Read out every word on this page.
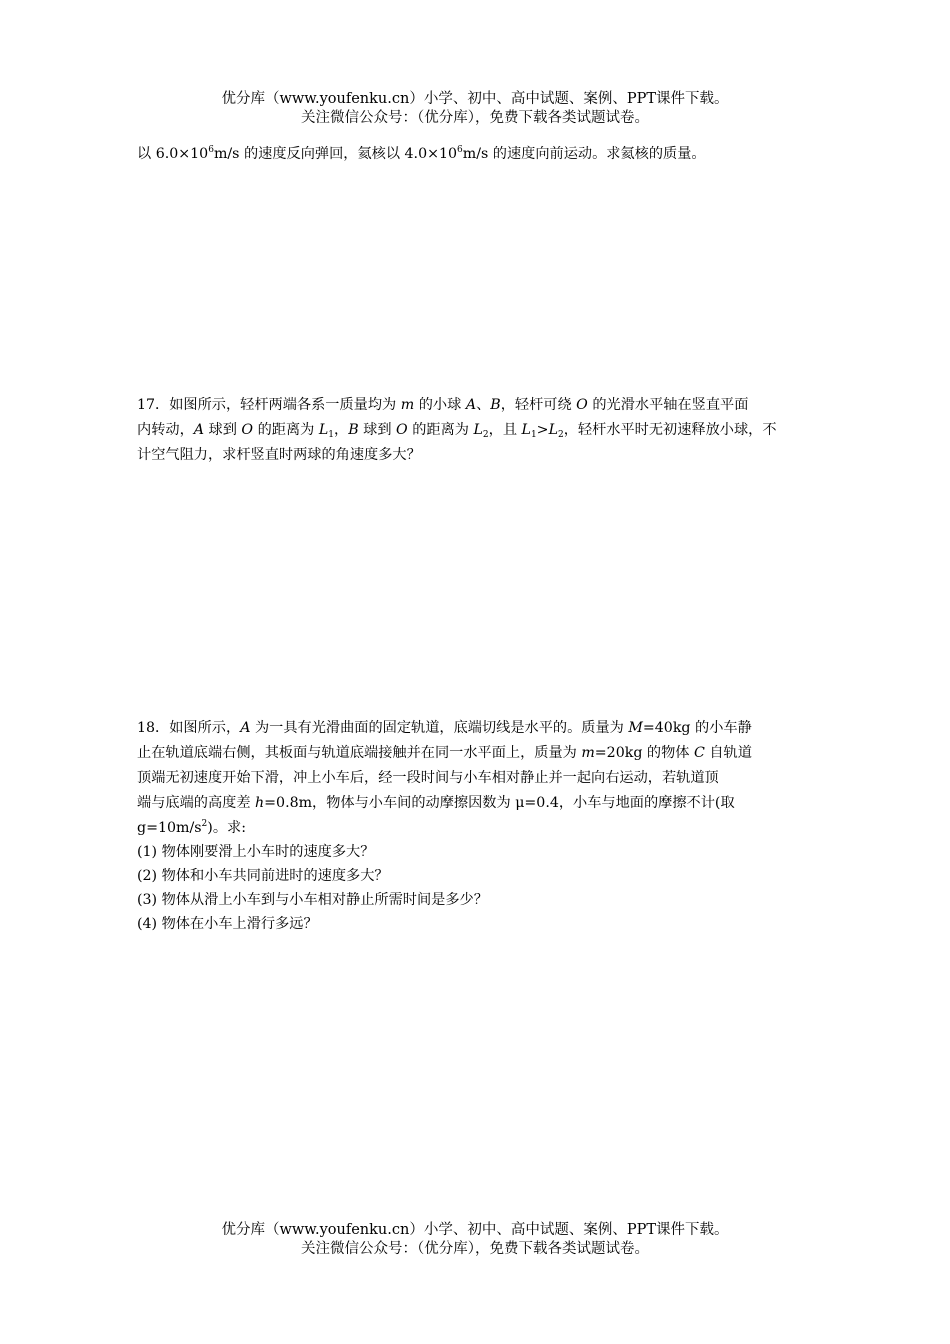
优分库（www.youfenku.cn）小学、初中、高中试题、案例、PPT课件下载。
关注微信公众号：（优分库），免费下载各类试题试卷。
以 $6.0\times 10^6m/s$ 的速度反向弹回，氦核以 $4.0\times 10^6m/s$ 的速度向前运动。求氦核的质量。
17．如图所示，轻杆两端各系一质量均为 m 的小球 A、B，轻杆可绕 O 的光滑水平轴在竖直平面
内转动，A 球到 O 的距离为 $L_1$，B 球到 O 的距离为 $L_2$，且 $L_1>L_2$，轻杆水平时无初速释放小球，不
计空气阻力，求杆竖直时两球的角速度多大？
18．如图所示，A 为一具有光滑曲面的固定轨道，底端切线是水平的。质量为 M=40kg 的小车静
止在轨道底端右侧，其板面与轨道底端接触并在同一水平面上，质量为 m=20kg 的物体 C 自轨道
顶端无初速度开始下滑，冲上小车后，经一段时间与小车相对静止并一起向右运动，若轨道顶
端与底端的高度差 h=0.8m，物体与小车间的动摩擦因数为 μ=0.4，小车与地面的摩擦不计(取
$g=10m/s^2$)。求:
(1) 物体刚要滑上小车时的速度多大？
(2) 物体和小车共同前进时的速度多大？
(3) 物体从滑上小车到与小车相对静止所需时间是多少？
(4) 物体在小车上滑行多远？
优分库（www.youfenku.cn）小学、初中、高中试题、案例、PPT课件下载。
关注微信公众号：（优分库），免费下载各类试题试卷。
